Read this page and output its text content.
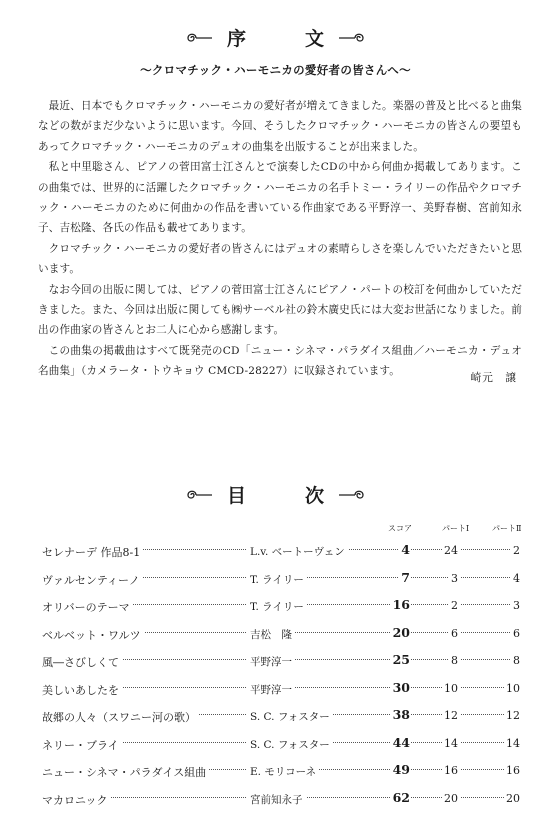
序　文
～クロマチック・ハーモニカの愛好者の皆さんへ～

最近、日本でもクロマチック・ハーモニカの愛好者が増えてきました。楽器の普及と比べると曲集などの数がまだ少ないように思います。今回、そうしたクロマチック・ハーモニカの皆さんの要望もあってクロマチック・ハーモニカのデュオの曲集を出版することが出来ました。

私と中里聡さん、ピアノの菅田富士江さんとで演奏したCDの中から何曲か掲載してあります。この曲集では、世界的に活躍したクロマチック・ハーモニカの名手トミー・ライリーの作品やクロマチック・ハーモニカのために何曲かの作品を書いている作曲家である平野淳一、美野春樹、宮前知永子、吉松隆、各氏の作品も載せてあります。

クロマチック・ハーモニカの愛好者の皆さんにはデュオの素晴らしさを楽しんでいただきたいと思います。

なお今回の出版に関しては、ピアノの菅田富士江さんにピアノ・パートの校訂を何曲かしていただきました。また、今回は出版に関しても㈱サーベル社の鈴木廣史氏には大変お世話になりました。前出の作曲家の皆さんとお二人に心から感謝します。

この曲集の掲載曲はすべて既発売のCD「ニュー・シネマ・パラダイス組曲／ハーモニカ・デュオ名曲集」（カメラータ・トウキョウ CMCD-28227）に収録されています。

崎元　譲
目　次
スコア	パートⅠ	パートⅡ
セレナーデ 作品8-1	L.v. ベートーヴェン	4	24	2
ヴァルセンティーノ	T. ライリー	7	3	4
オリバーのテーマ	T. ライリー	16	2	3
ベルベット・ワルツ	吉松　隆	20	6	6
風―さびしくて	平野淳一	25	8	8
美しいあしたを	平野淳一	30	10	10
故郷の人々（スワニー河の歌）	S. C. フォスター	38	12	12
ネリー・ブライ	S. C. フォスター	44	14	14
ニュー・シネマ・パラダイス組曲	E. モリコーネ	49	16	16
マカロニック	宮前知永子	62	20	20
